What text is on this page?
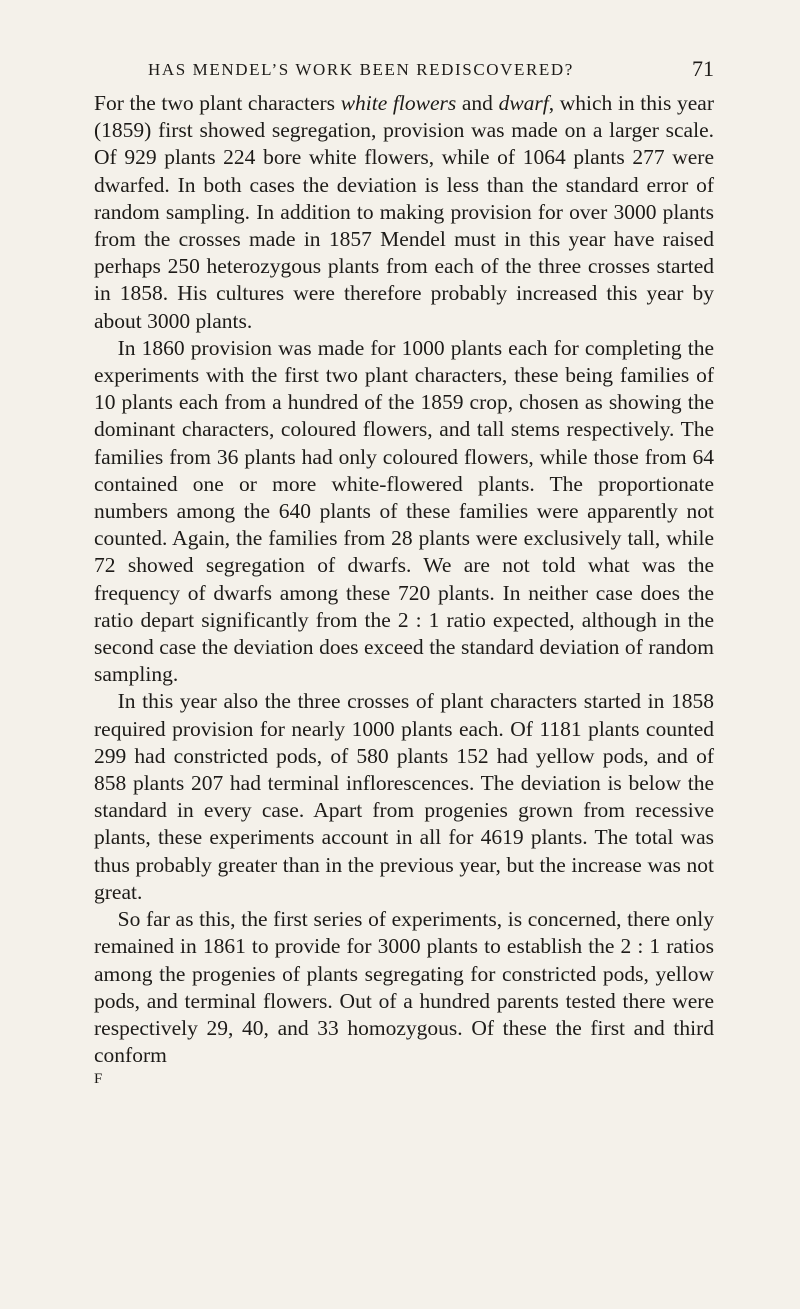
HAS MENDEL’S WORK BEEN REDISCOVERED?	71

For the two plant characters white flowers and dwarf, which in this year (1859) first showed segregation, provision was made on a larger scale. Of 929 plants 224 bore white flowers, while of 1064 plants 277 were dwarfed. In both cases the deviation is less than the standard error of random sampling. In addition to making provision for over 3000 plants from the crosses made in 1857 Mendel must in this year have raised perhaps 250 heterozygous plants from each of the three crosses started in 1858. His cultures were therefore probably increased this year by about 3000 plants.

In 1860 provision was made for 1000 plants each for completing the experiments with the first two plant characters, these being families of 10 plants each from a hundred of the 1859 crop, chosen as showing the dominant characters, coloured flowers, and tall stems respectively. The families from 36 plants had only coloured flowers, while those from 64 contained one or more white-flowered plants. The proportionate numbers among the 640 plants of these families were apparently not counted. Again, the families from 28 plants were exclusively tall, while 72 showed segregation of dwarfs. We are not told what was the frequency of dwarfs among these 720 plants. In neither case does the ratio depart significantly from the 2 : 1 ratio expected, although in the second case the deviation does exceed the standard deviation of random sampling.

In this year also the three crosses of plant characters started in 1858 required provision for nearly 1000 plants each. Of 1181 plants counted 299 had constricted pods, of 580 plants 152 had yellow pods, and of 858 plants 207 had terminal inflorescences. The deviation is below the standard in every case. Apart from progenies grown from recessive plants, these experiments account in all for 4619 plants. The total was thus probably greater than in the previous year, but the increase was not great.

So far as this, the first series of experiments, is concerned, there only remained in 1861 to provide for 3000 plants to establish the 2 : 1 ratios among the progenies of plants segregating for constricted pods, yellow pods, and terminal flowers. Out of a hundred parents tested there were respectively 29, 40, and 33 homozygous. Of these the first and third conform

F
